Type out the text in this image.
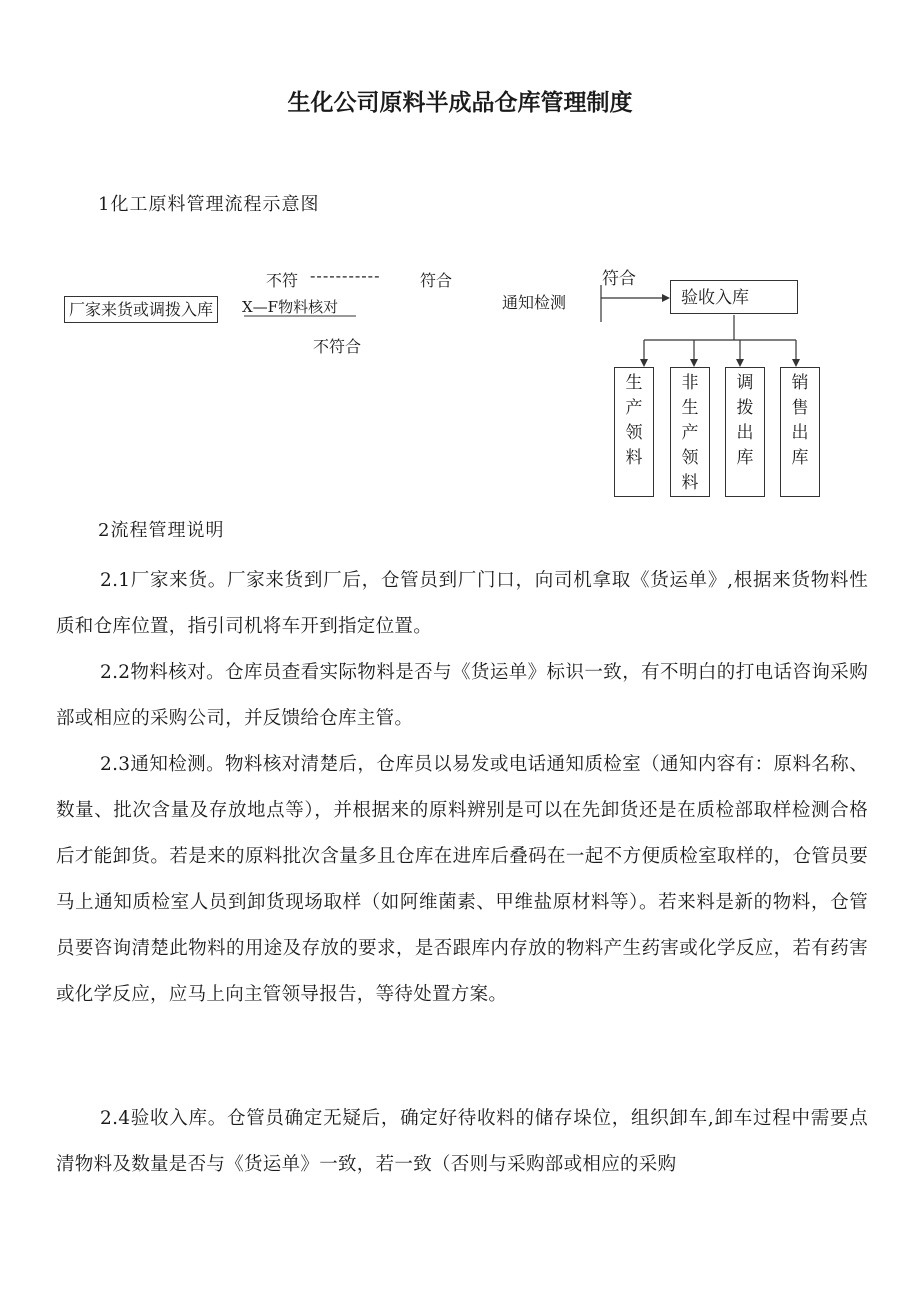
生化公司原料半成品仓库管理制度
1化工原料管理流程示意图
厂家来货或调拨入库
不符 ----------- 符合
X—F物料核对
不符合
通知检测
符合
验收入库
生
产
领
料
非
生
产
领
料
调
拨
出
库
销
售
出
库
2流程管理说明
2.1厂家来货。厂家来货到厂后，仓管员到厂门口，向司机拿取《货运单》,根据来货物料性质和仓库位置，指引司机将车开到指定位置。
2.2物料核对。仓库员查看实际物料是否与《货运单》标识一致，有不明白的打电话咨询采购部或相应的采购公司，并反馈给仓库主管。
2.3通知检测。物料核对清楚后，仓库员以易发或电话通知质检室（通知内容有：原料名称、数量、批次含量及存放地点等），并根据来的原料辨别是可以在先卸货还是在质检部取样检测合格后才能卸货。若是来的原料批次含量多且仓库在进库后叠码在一起不方便质检室取样的，仓管员要马上通知质检室人员到卸货现场取样（如阿维菌素、甲维盐原材料等）。若来料是新的物料，仓管员要咨询清楚此物料的用途及存放的要求，是否跟库内存放的物料产生药害或化学反应，若有药害或化学反应，应马上向主管领导报告，等待处置方案。
2.4验收入库。仓管员确定无疑后，确定好待收料的储存垛位，组织卸车,卸车过程中需要点清物料及数量是否与《货运单》一致，若一致（否则与采购部或相应的采购
